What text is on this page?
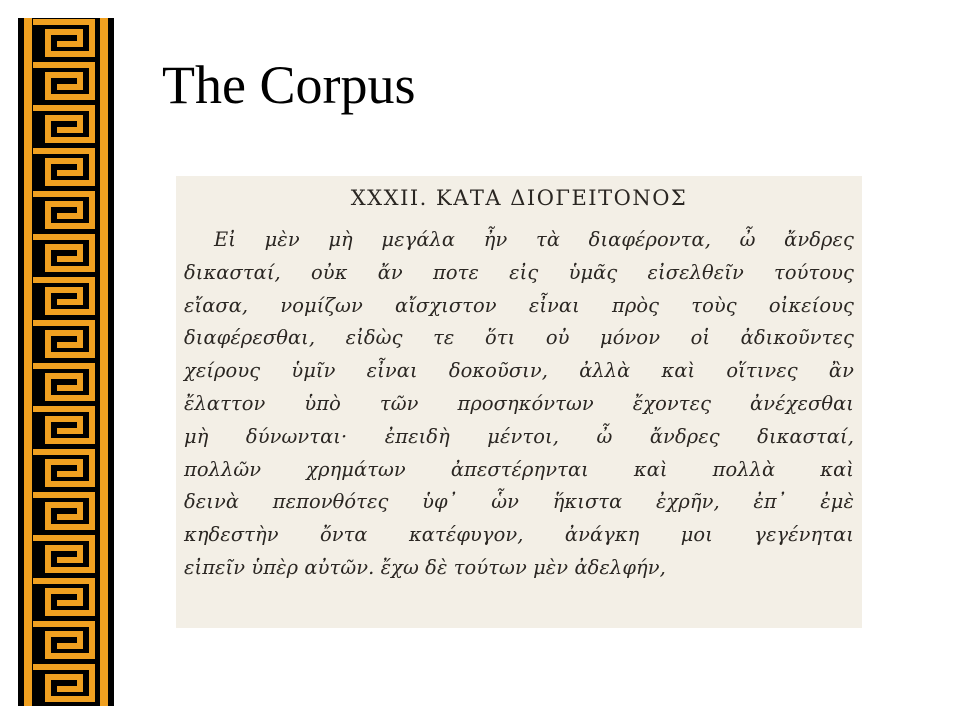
The Corpus
XXXII. ΚΑΤΑ ΔΙΟΓΕΙΤΟΝΟΣ
Εἰ μὲν μὴ μεγάλα ἦν τὰ διαφέροντα, ὦ ἄνδρες
δικασταί, οὐκ ἄν ποτε εἰς ὑμᾶς εἰσελθεῖν τούτους
εἴασα, νομίζων αἴσχιστον εἶναι πρὸς τοὺς οἰκείους
διαφέρεσθαι, εἰδὼς τε ὅτι οὐ μόνον οἱ ἀδικοῦντες
χείρους ὑμῖν εἶναι δοκοῦσιν, ἀλλὰ καὶ οἵτινες ἂν
ἔλαττον ὑπὸ τῶν προσηκόντων ἔχοντες ἀνέχεσθαι
μὴ δύνωνται· ἐπειδὴ μέντοι, ὦ ἄνδρες δικασταί,
πολλῶν χρημάτων ἀπεστέρηνται καὶ πολλὰ καὶ
δεινὰ πεπονθότες ὑφ᾽ ὧν ἥκιστα ἐχρῆν, ἐπ᾽ ἐμὲ
κηδεστὴν ὄντα κατέφυγον, ἀνάγκη μοι γεγένηται
εἰπεῖν ὑπὲρ αὐτῶν. ἔχω δὲ τούτων μὲν ἀδελφήν,
